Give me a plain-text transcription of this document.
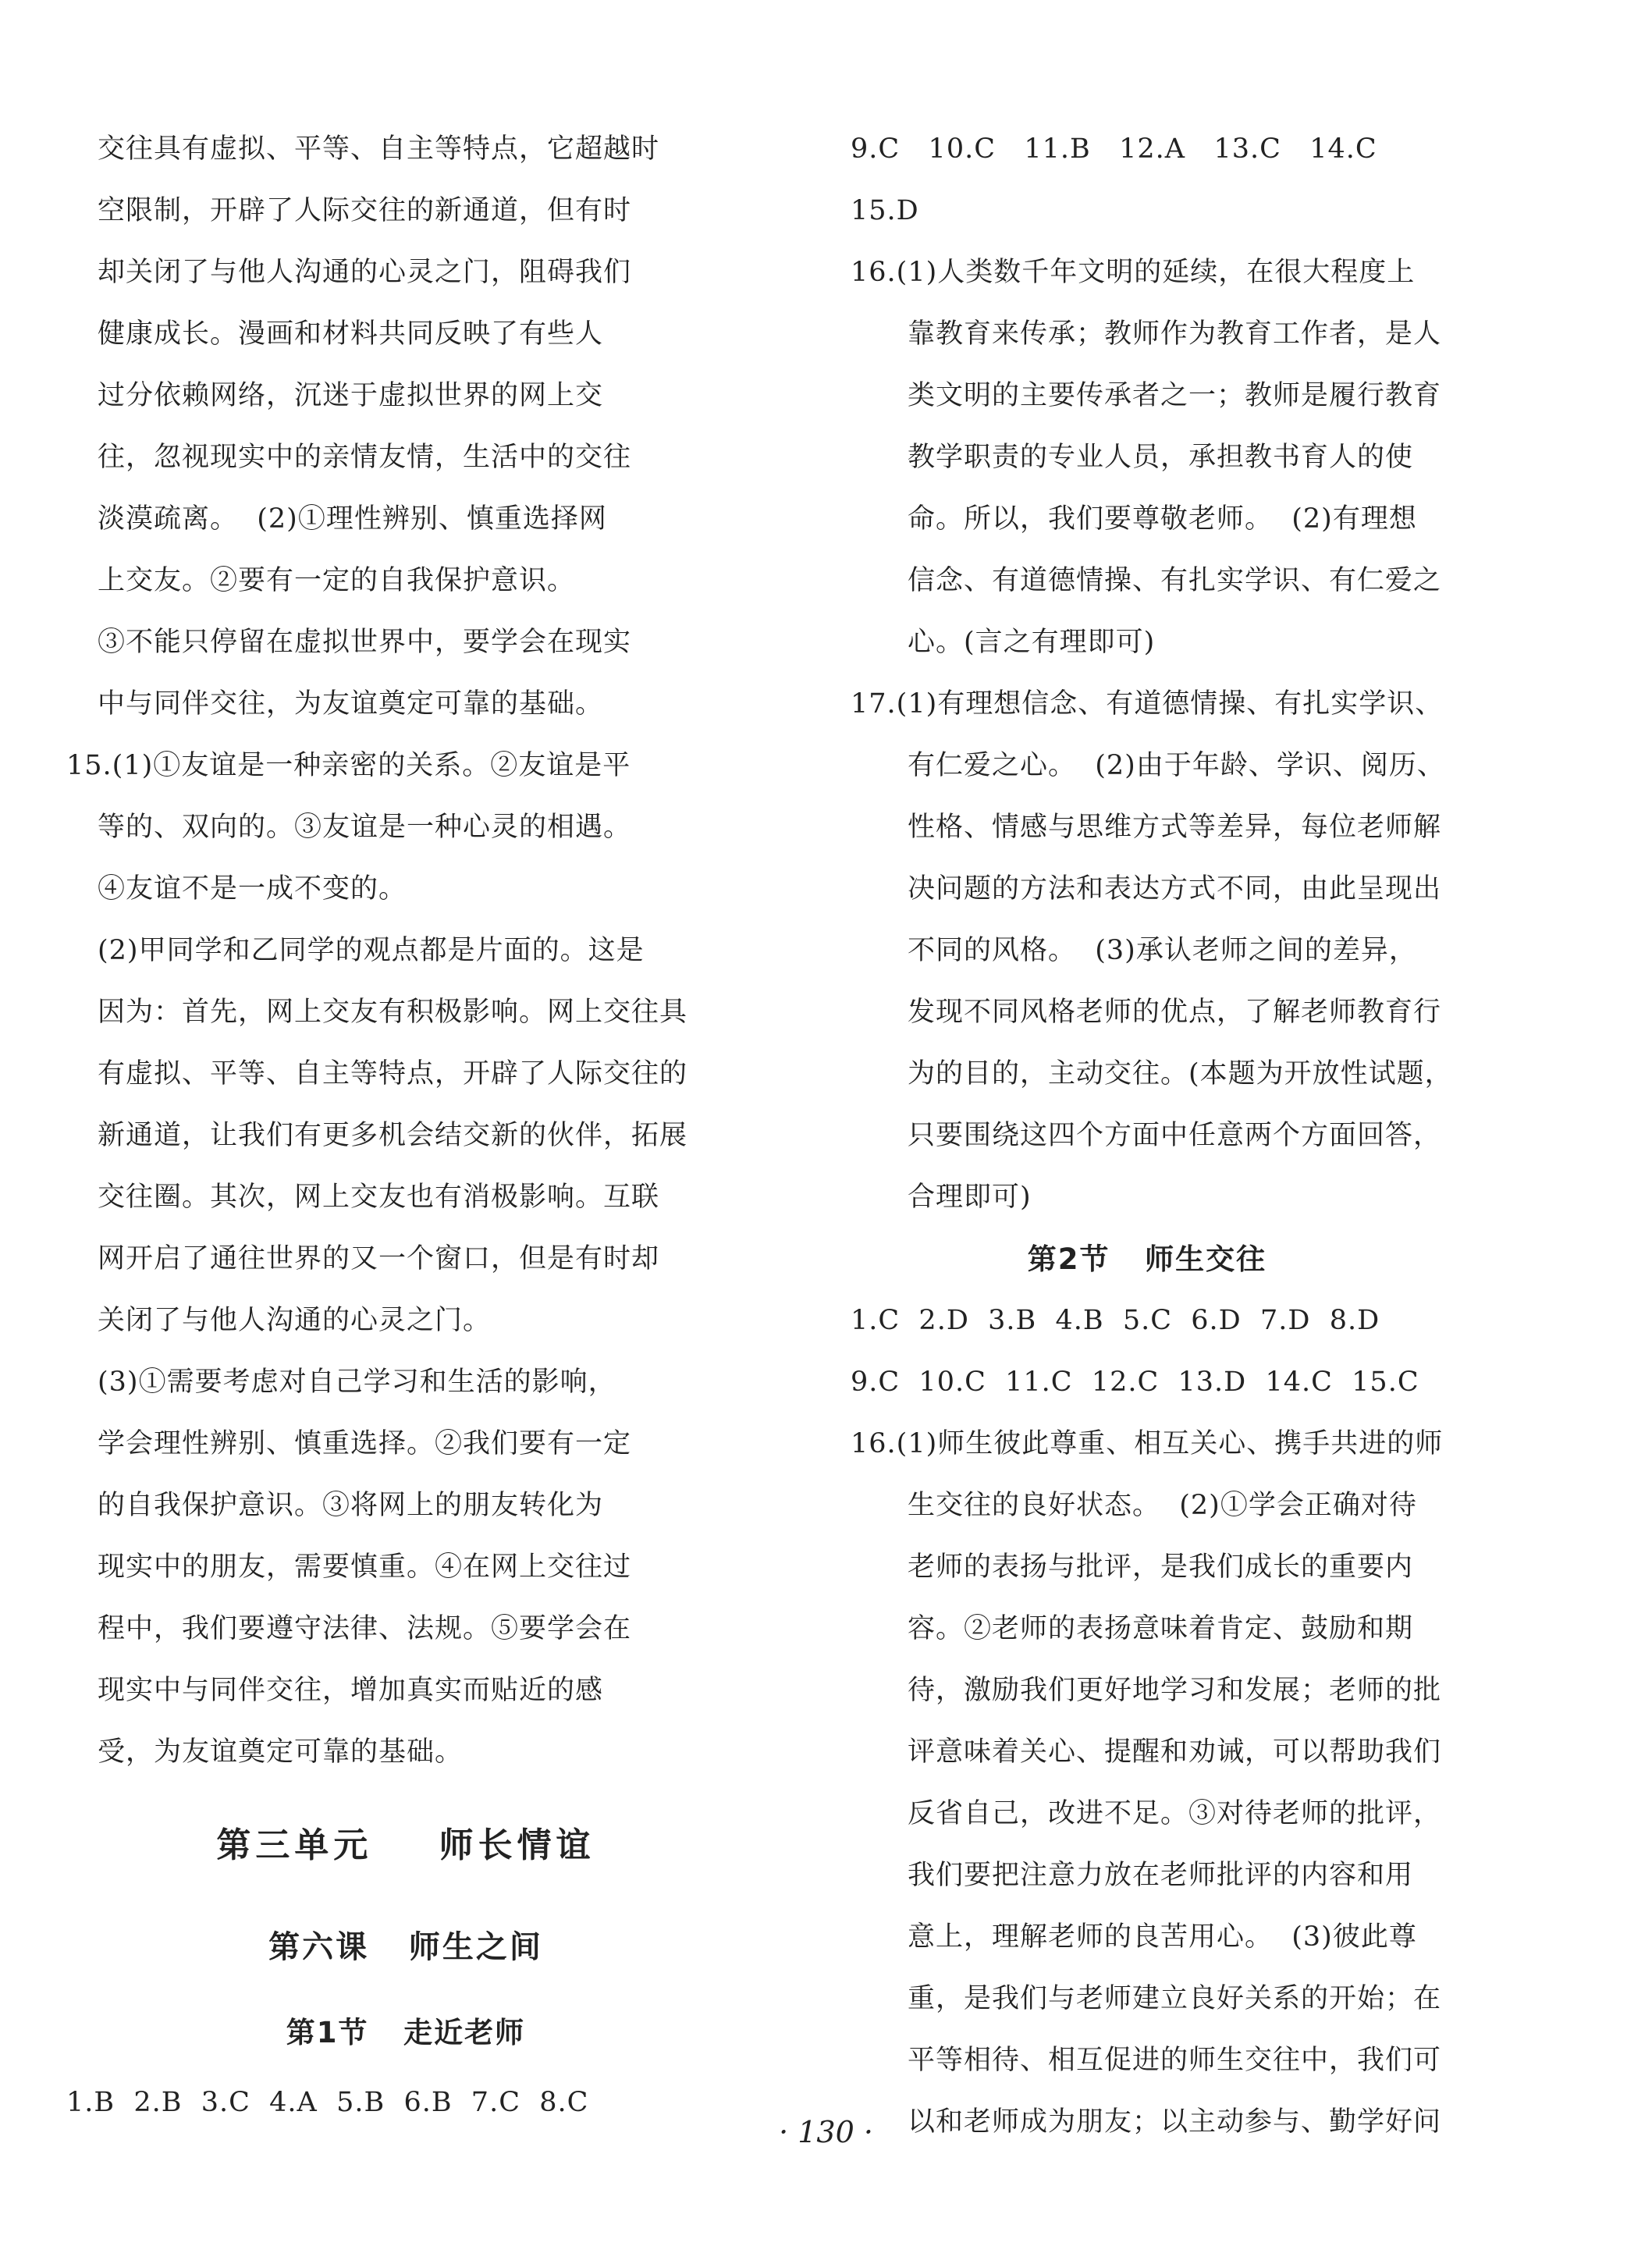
交往具有虚拟、平等、自主等特点，它超越时
空限制，开辟了人际交往的新通道，但有时
却关闭了与他人沟通的心灵之门，阻碍我们
健康成长。漫画和材料共同反映了有些人
过分依赖网络，沉迷于虚拟世界的网上交
往，忽视现实中的亲情友情，生活中的交往
淡漠疏离。  (2)①理性辨别、慎重选择网
上交友。②要有一定的自我保护意识。
③不能只停留在虚拟世界中，要学会在现实
中与同伴交往，为友谊奠定可靠的基础。
15.(1)①友谊是一种亲密的关系。②友谊是平
等的、双向的。③友谊是一种心灵的相遇。
④友谊不是一成不变的。
(2)甲同学和乙同学的观点都是片面的。这是
因为：首先，网上交友有积极影响。网上交往具
有虚拟、平等、自主等特点，开辟了人际交往的
新通道，让我们有更多机会结交新的伙伴，拓展
交往圈。其次，网上交友也有消极影响。互联
网开启了通往世界的又一个窗口，但是有时却
关闭了与他人沟通的心灵之门。
(3)①需要考虑对自己学习和生活的影响，
学会理性辨别、慎重选择。②我们要有一定
的自我保护意识。③将网上的朋友转化为
现实中的朋友，需要慎重。④在网上交往过
程中，我们要遵守法律、法规。⑤要学会在
现实中与同伴交往，增加真实而贴近的感
受，为友谊奠定可靠的基础。
第三单元    师长情谊
第六课   师生之间
第1节   走近老师
1.B  2.B  3.C  4.A  5.B  6.B  7.C  8.C
9.C   10.C   11.B   12.A   13.C   14.C
15.D
16.(1)人类数千年文明的延续，在很大程度上
靠教育来传承；教师作为教育工作者，是人
类文明的主要传承者之一；教师是履行教育
教学职责的专业人员，承担教书育人的使
命。所以，我们要尊敬老师。  (2)有理想
信念、有道德情操、有扎实学识、有仁爱之
心。(言之有理即可)
17.(1)有理想信念、有道德情操、有扎实学识、
有仁爱之心。  (2)由于年龄、学识、阅历、
性格、情感与思维方式等差异，每位老师解
决问题的方法和表达方式不同，由此呈现出
不同的风格。  (3)承认老师之间的差异，
发现不同风格老师的优点，了解老师教育行
为的目的，主动交往。(本题为开放性试题，
只要围绕这四个方面中任意两个方面回答，
合理即可)
第2节   师生交往
1.C  2.D  3.B  4.B  5.C  6.D  7.D  8.D
9.C  10.C  11.C  12.C  13.D  14.C  15.C
16.(1)师生彼此尊重、相互关心、携手共进的师
生交往的良好状态。  (2)①学会正确对待
老师的表扬与批评，是我们成长的重要内
容。②老师的表扬意味着肯定、鼓励和期
待，激励我们更好地学习和发展；老师的批
评意味着关心、提醒和劝诫，可以帮助我们
反省自己，改进不足。③对待老师的批评，
我们要把注意力放在老师批评的内容和用
意上，理解老师的良苦用心。  (3)彼此尊
重，是我们与老师建立良好关系的开始；在
平等相待、相互促进的师生交往中，我们可
以和老师成为朋友；以主动参与、勤学好问
· 130 ·
